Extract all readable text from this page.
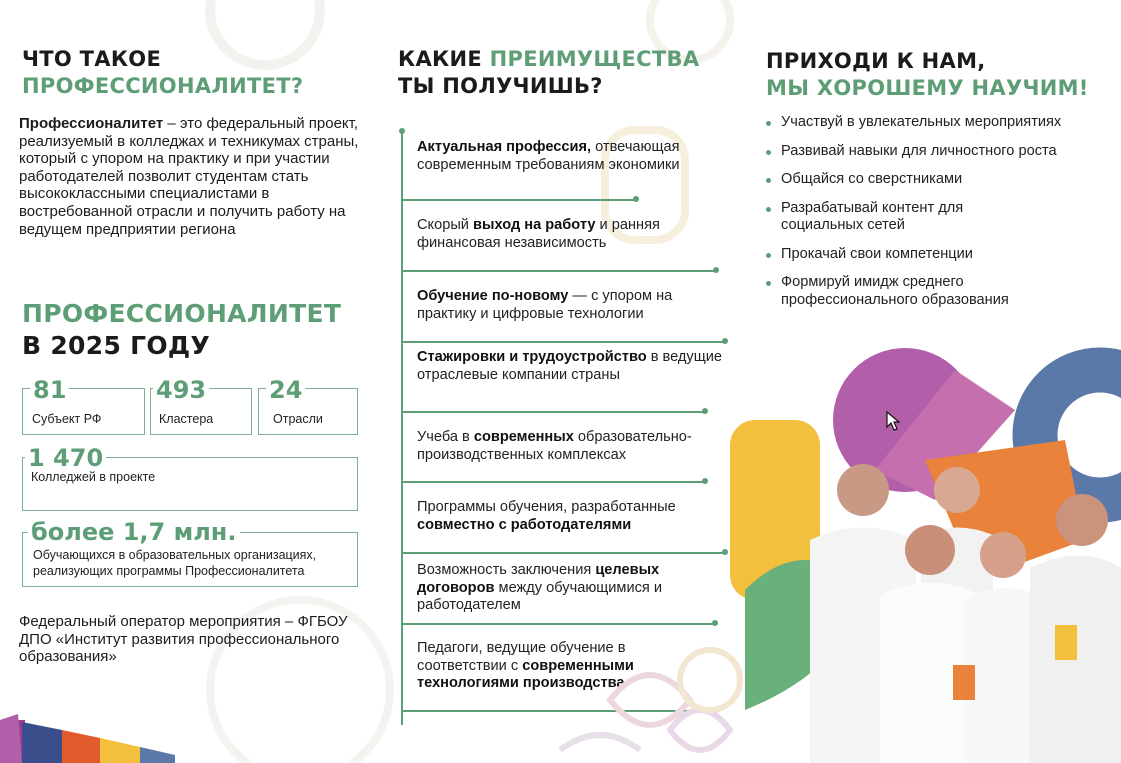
ЧТО ТАКОЕ
ПРОФЕССИОНАЛИТЕТ?
Профессионалитет – это федеральный проект, реализуемый в колледжах и техникумах страны, который с упором на практику и при участии работодателей позволит студентам стать высококлассными специалистами в востребованной отрасли и получить работу на ведущем предприятии региона
ПРОФЕССИОНАЛИТЕТ
В 2025 ГОДУ
81
Субъект РФ
493
Кластера
24
Отрасли
1 470
Колледжей в проекте
более 1,7 млн.
Обучающихся в образовательных организациях, реализующих программы Профессионалитета
Федеральный оператор мероприятия – ФГБОУ ДПО «Институт развития профессионального образования»
КАКИЕ ПРЕИМУЩЕСТВА
ТЫ ПОЛУЧИШЬ?
Актуальная профессия, отвечающая современным требованиям экономики
Скорый выход на работу и ранняя финансовая независимость
Обучение по-новому — с упором на практику и цифровые технологии
Стажировки и трудоустройство в ведущие отраслевые компании страны
Учеба в современных образовательно-производственных комплексах
Программы обучения, разработанные совместно с работодателями
Возможность заключения целевых договоров между обучающимися и работодателем
Педагоги, ведущие обучение в соответствии с современными технологиями производства
ПРИХОДИ К НАМ,
МЫ ХОРОШЕМУ НАУЧИМ!
Участвуй в увлекательных мероприятиях
Развивай навыки для личностного роста
Общайся со сверстниками
Разрабатывай контент для социальных сетей
Прокачай свои компетенции
Формируй имидж среднего профессионального образования
